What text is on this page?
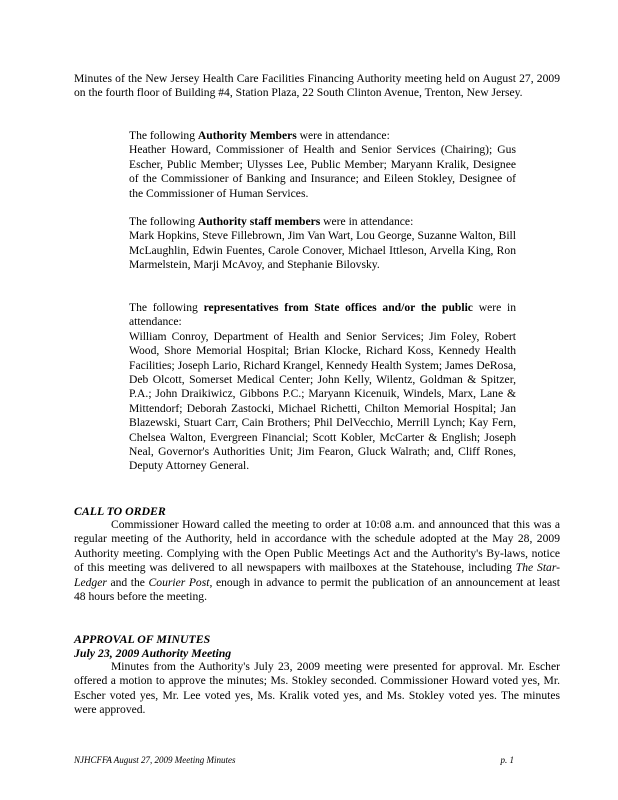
Minutes of the New Jersey Health Care Facilities Financing Authority meeting held on August 27, 2009 on the fourth floor of Building #4, Station Plaza, 22 South Clinton Avenue, Trenton, New Jersey.

The following Authority Members were in attendance:

Heather Howard, Commissioner of Health and Senior Services (Chairing); Gus Escher, Public Member; Ulysses Lee, Public Member; Maryann Kralik, Designee of the Commissioner of Banking and Insurance; and Eileen Stokley, Designee of the Commissioner of Human Services.

The following Authority staff members were in attendance:

Mark Hopkins, Steve Fillebrown, Jim Van Wart, Lou George, Suzanne Walton, Bill McLaughlin, Edwin Fuentes, Carole Conover, Michael Ittleson, Arvella King, Ron Marmelstein, Marji McAvoy, and Stephanie Bilovsky.

The following representatives from State offices and/or the public were in attendance:

William Conroy, Department of Health and Senior Services; Jim Foley, Robert Wood, Shore Memorial Hospital; Brian Klocke, Richard Koss, Kennedy Health Facilities; Joseph Lario, Richard Krangel, Kennedy Health System; James DeRosa, Deb Olcott, Somerset Medical Center; John Kelly, Wilentz, Goldman & Spitzer, P.A.; John Draikiwicz, Gibbons P.C.; Maryann Kicenuik, Windels, Marx, Lane & Mittendorf; Deborah Zastocki, Michael Richetti, Chilton Memorial Hospital; Jan Blazewski, Stuart Carr, Cain Brothers; Phil DelVecchio, Merrill Lynch; Kay Fern, Chelsea Walton, Evergreen Financial; Scott Kobler, McCarter & English; Joseph Neal, Governor's Authorities Unit; Jim Fearon, Gluck Walrath; and, Cliff Rones, Deputy Attorney General.

CALL TO ORDER

Commissioner Howard called the meeting to order at 10:08 a.m. and announced that this was a regular meeting of the Authority, held in accordance with the schedule adopted at the May 28, 2009 Authority meeting. Complying with the Open Public Meetings Act and the Authority's By-laws, notice of this meeting was delivered to all newspapers with mailboxes at the Statehouse, including The Star-Ledger and the Courier Post, enough in advance to permit the publication of an announcement at least 48 hours before the meeting.

APPROVAL OF MINUTES

July 23, 2009 Authority Meeting

Minutes from the Authority's July 23, 2009 meeting were presented for approval. Mr. Escher offered a motion to approve the minutes; Ms. Stokley seconded. Commissioner Howard voted yes, Mr. Escher voted yes, Mr. Lee voted yes, Ms. Kralik voted yes, and Ms. Stokley voted yes. The minutes were approved.

NJHCFFA August 27, 2009 Meeting Minutes	p. 1
